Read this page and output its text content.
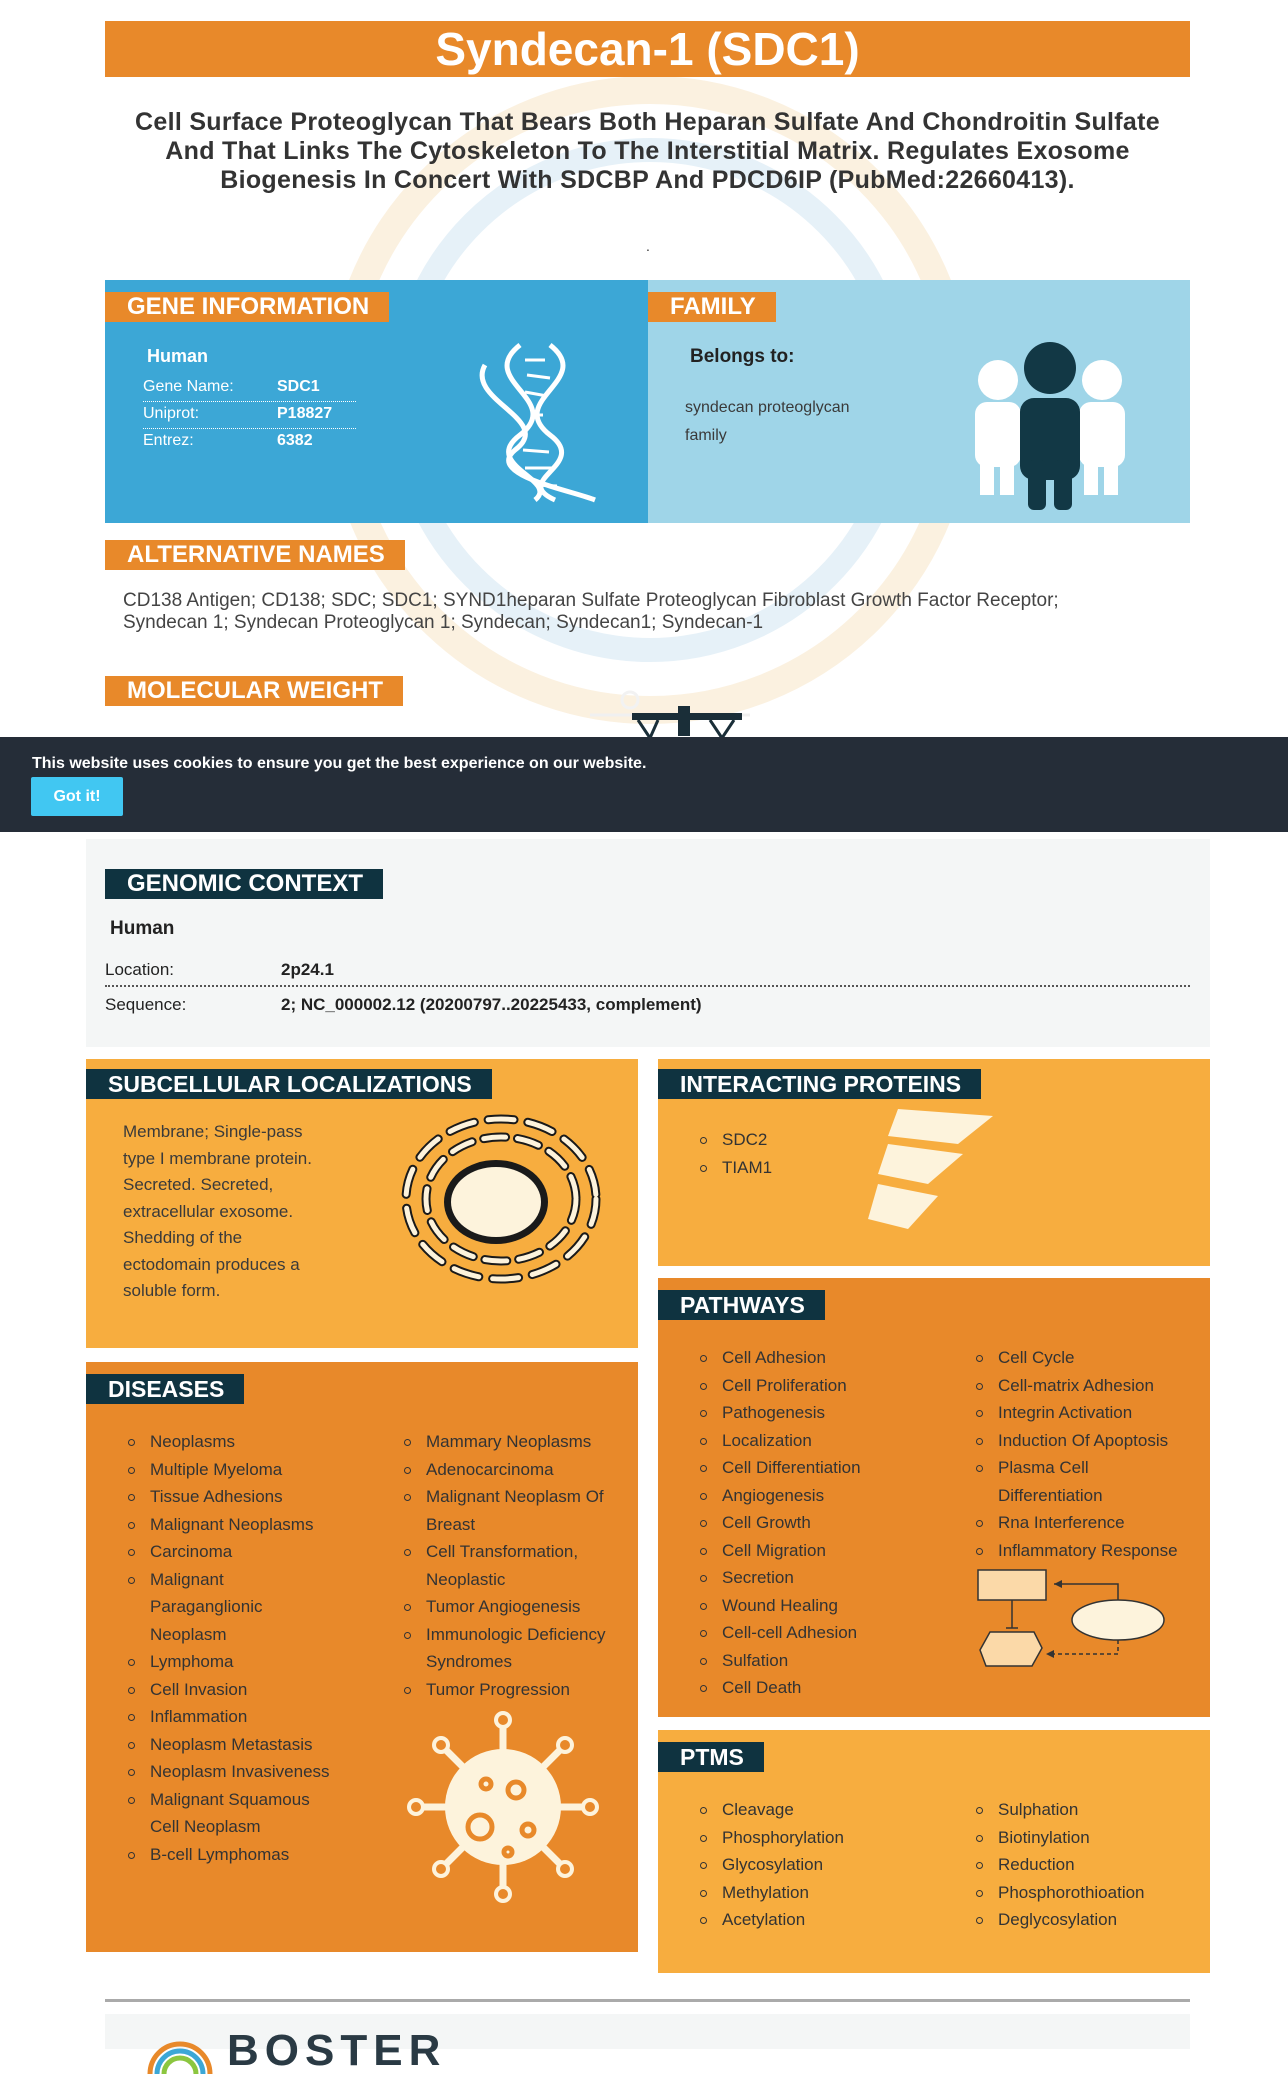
Syndecan-1 (SDC1)
Cell Surface Proteoglycan That Bears Both Heparan Sulfate And Chondroitin Sulfate And That Links The Cytoskeleton To The Interstitial Matrix. Regulates Exosome Biogenesis In Concert With SDCBP And PDCD6IP (PubMed:22660413).
.
GENE INFORMATION
Human
Gene Name:	SDC1
Uniprot:	P18827
Entrez:	6382
FAMILY
Belongs to:
syndecan proteoglycan family
ALTERNATIVE NAMES
CD138 Antigen; CD138; SDC; SDC1; SYND1heparan Sulfate Proteoglycan Fibroblast Growth Factor Receptor; Syndecan 1; Syndecan Proteoglycan 1; Syndecan; Syndecan1; Syndecan-1
MOLECULAR WEIGHT
This website uses cookies to ensure you get the best experience on our website.
Got it!
GENOMIC CONTEXT
Human
Location:	2p24.1
Sequence:	2; NC_000002.12 (20200797..20225433, complement)
SUBCELLULAR LOCALIZATIONS
Membrane; Single-pass
type I membrane protein.
Secreted. Secreted,
extracellular exosome.
Shedding of the
ectodomain produces a
soluble form.
INTERACTING PROTEINS
SDC2
TIAM1
PATHWAYS
Cell Adhesion
Cell Proliferation
Pathogenesis
Localization
Cell Differentiation
Angiogenesis
Cell Growth
Cell Migration
Secretion
Wound Healing
Cell-cell Adhesion
Sulfation
Cell Death
Cell Cycle
Cell-matrix Adhesion
Integrin Activation
Induction Of Apoptosis
Plasma Cell Differentiation
Rna Interference
Inflammatory Response
DISEASES
Neoplasms
Multiple Myeloma
Tissue Adhesions
Malignant Neoplasms
Carcinoma
Malignant Paraganglionic Neoplasm
Lymphoma
Cell Invasion
Inflammation
Neoplasm Metastasis
Neoplasm Invasiveness
Malignant Squamous Cell Neoplasm
B-cell Lymphomas
Mammary Neoplasms
Adenocarcinoma
Malignant Neoplasm Of Breast
Cell Transformation, Neoplastic
Tumor Angiogenesis
Immunologic Deficiency Syndromes
Tumor Progression
PTMS
Cleavage
Phosphorylation
Glycosylation
Methylation
Acetylation
Sulphation
Biotinylation
Reduction
Phosphorothioation
Deglycosylation
BOSTER
